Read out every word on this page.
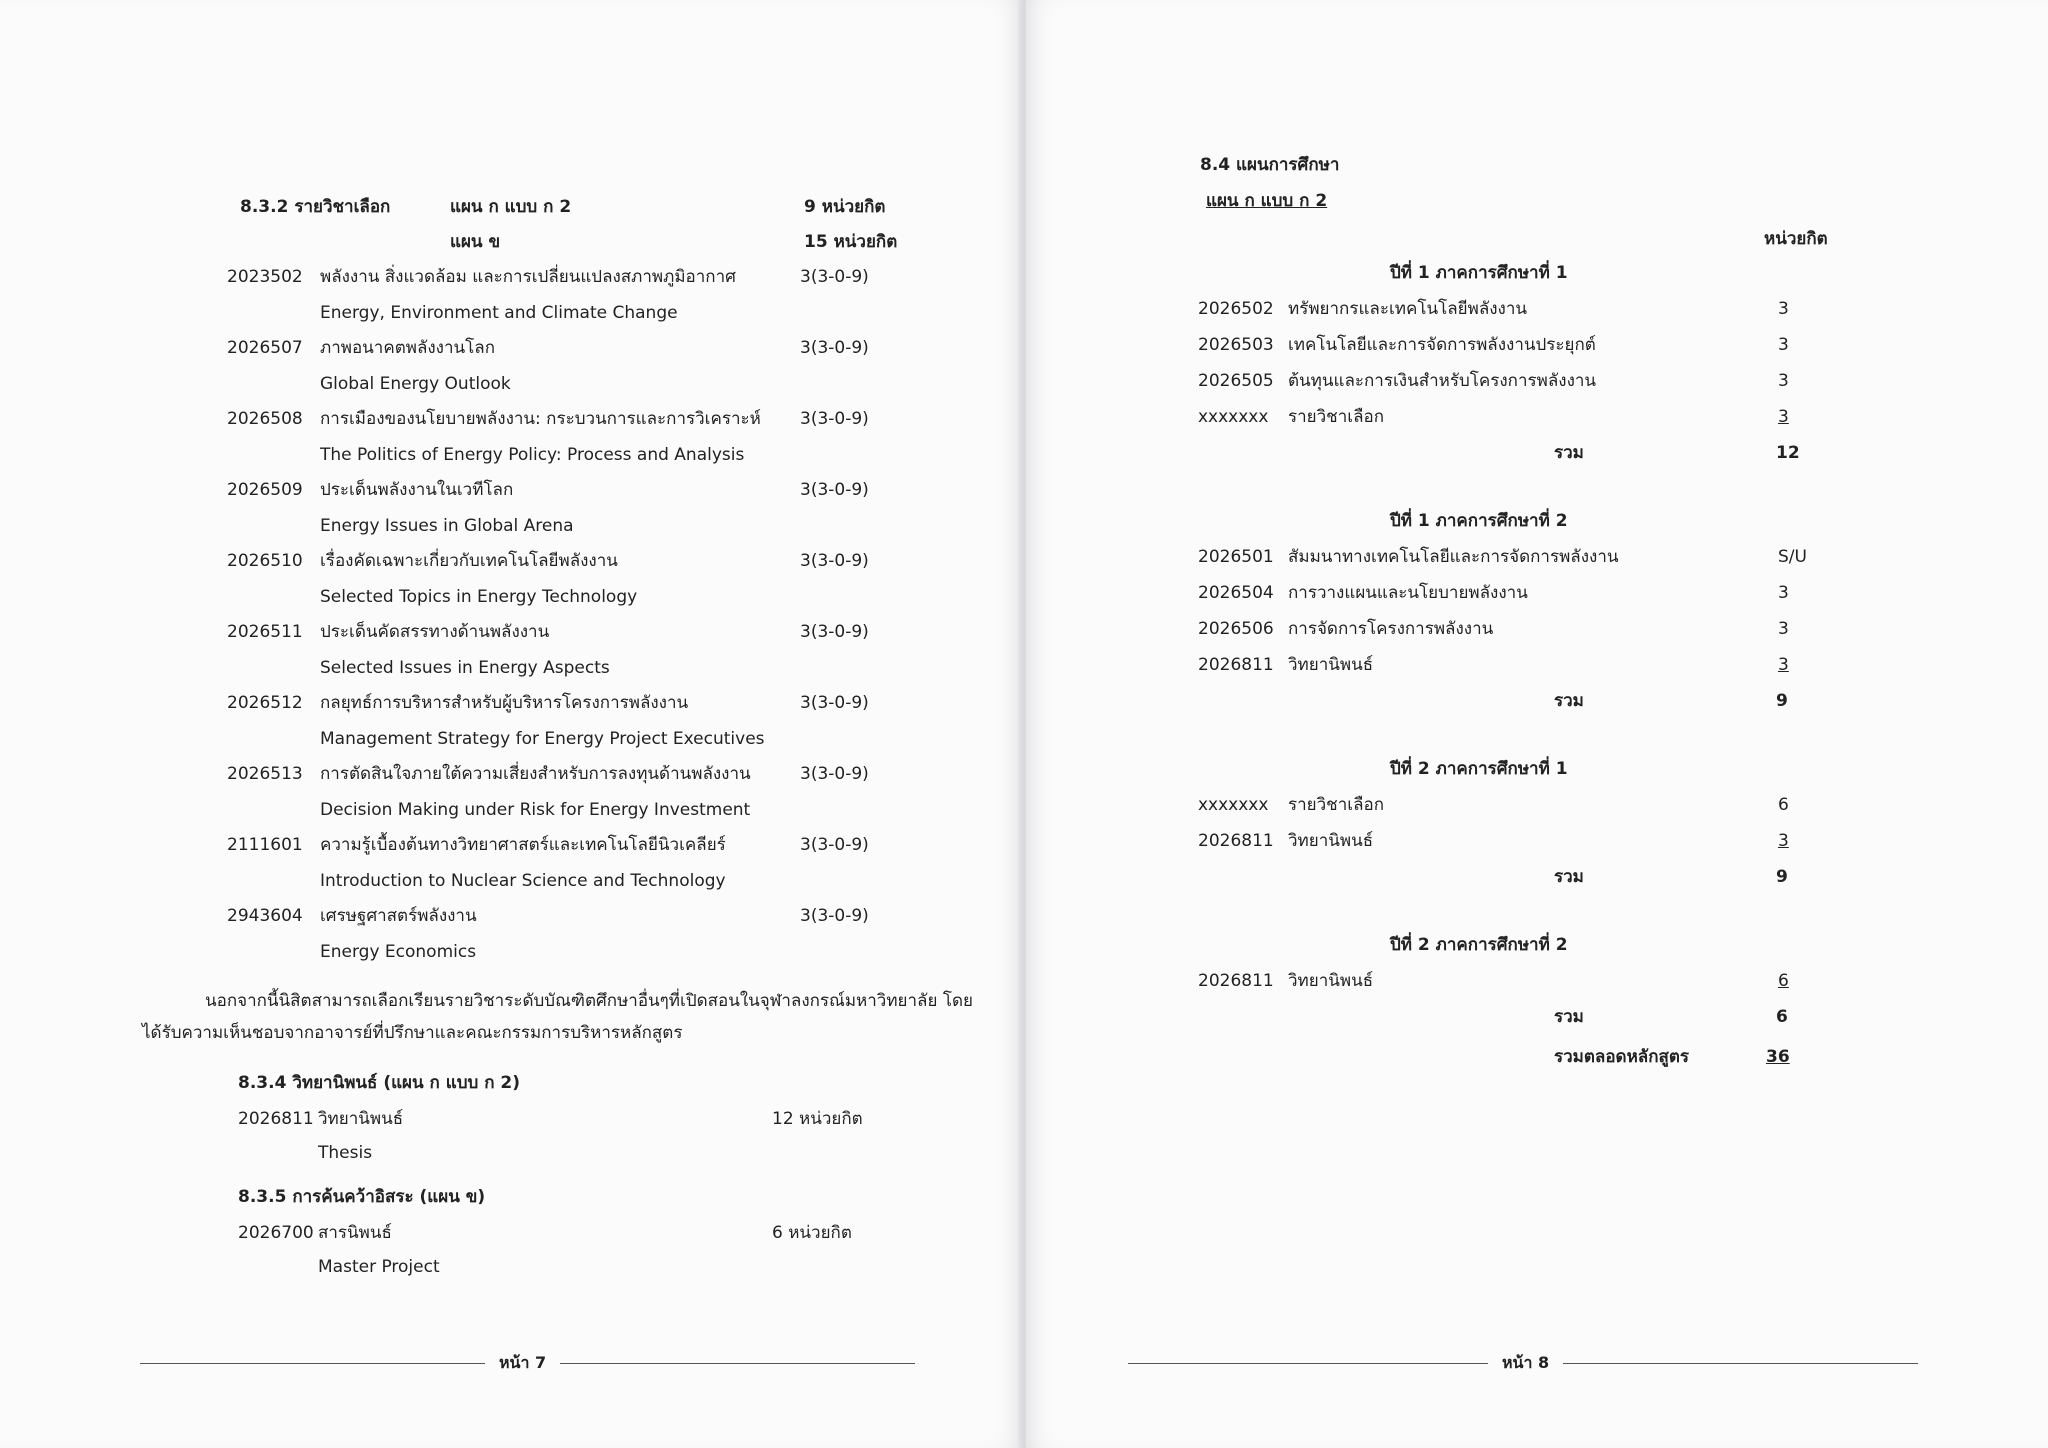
8.3.2 รายวิชาเลือก	แผน ก แบบ ก 2	9 หน่วยกิต
แผน ข	15 หน่วยกิต
2023502 พลังงาน สิ่งแวดล้อม และการเปลี่ยนแปลงสภาพภูมิอากาศ	3(3-0-9)
Energy, Environment and Climate Change
2026507 ภาพอนาคตพลังงานโลก	3(3-0-9)
Global Energy Outlook
2026508 การเมืองของนโยบายพลังงาน: กระบวนการและการวิเคราะห์ 3(3-0-9)
The Politics of Energy Policy: Process and Analysis
2026509 ประเด็นพลังงานในเวทีโลก	3(3-0-9)
Energy Issues in Global Arena
2026510 เรื่องคัดเฉพาะเกี่ยวกับเทคโนโลยีพลังงาน	3(3-0-9)
Selected Topics in Energy Technology
2026511 ประเด็นคัดสรรทางด้านพลังงาน	3(3-0-9)
Selected Issues in Energy Aspects
2026512 กลยุทธ์การบริหารสำหรับผู้บริหารโครงการพลังงาน	3(3-0-9)
Management Strategy for Energy Project Executives
2026513 การตัดสินใจภายใต้ความเสี่ยงสำหรับการลงทุนด้านพลังงาน	3(3-0-9)
Decision Making under Risk for Energy Investment
2111601 ความรู้เบื้องต้นทางวิทยาศาสตร์และเทคโนโลยีนิวเคลียร์	3(3-0-9)
Introduction to Nuclear Science and Technology
2943604 เศรษฐศาสตร์พลังงาน	3(3-0-9)
Energy Economics
นอกจากนี้นิสิตสามารถเลือกเรียนรายวิชาระดับบัณฑิตศึกษาอื่นๆที่เปิดสอนในจุฬาลงกรณ์มหาวิทยาลัย โดย
ได้รับความเห็นชอบจากอาจารย์ที่ปรึกษาและคณะกรรมการบริหารหลักสูตร
8.3.4 วิทยานิพนธ์ (แผน ก แบบ ก 2)
2026811 วิทยานิพนธ์	12 หน่วยกิต
Thesis
8.3.5 การค้นคว้าอิสระ (แผน ข)
2026700 สารนิพนธ์	6 หน่วยกิต
Master Project
หน้า 7
8.4 แผนการศึกษา
แผน ก แบบ ก 2
หน่วยกิต
ปีที่ 1 ภาคการศึกษาที่ 1
2026502 ทรัพยากรและเทคโนโลยีพลังงาน	3
2026503 เทคโนโลยีและการจัดการพลังงานประยุกต์	3
2026505 ต้นทุนและการเงินสำหรับโครงการพลังงาน	3
xxxxxxx รายวิชาเลือก	3
รวม	12
ปีที่ 1 ภาคการศึกษาที่ 2
2026501 สัมมนาทางเทคโนโลยีและการจัดการพลังงาน	S/U
2026504 การวางแผนและนโยบายพลังงาน	3
2026506 การจัดการโครงการพลังงาน	3
2026811 วิทยานิพนธ์	3
รวม	9
ปีที่ 2 ภาคการศึกษาที่ 1
xxxxxxx รายวิชาเลือก	6
2026811 วิทยานิพนธ์	3
รวม	9
ปีที่ 2 ภาคการศึกษาที่ 2
2026811 วิทยานิพนธ์	6
รวม	6
รวมตลอดหลักสูตร	36
หน้า 8
